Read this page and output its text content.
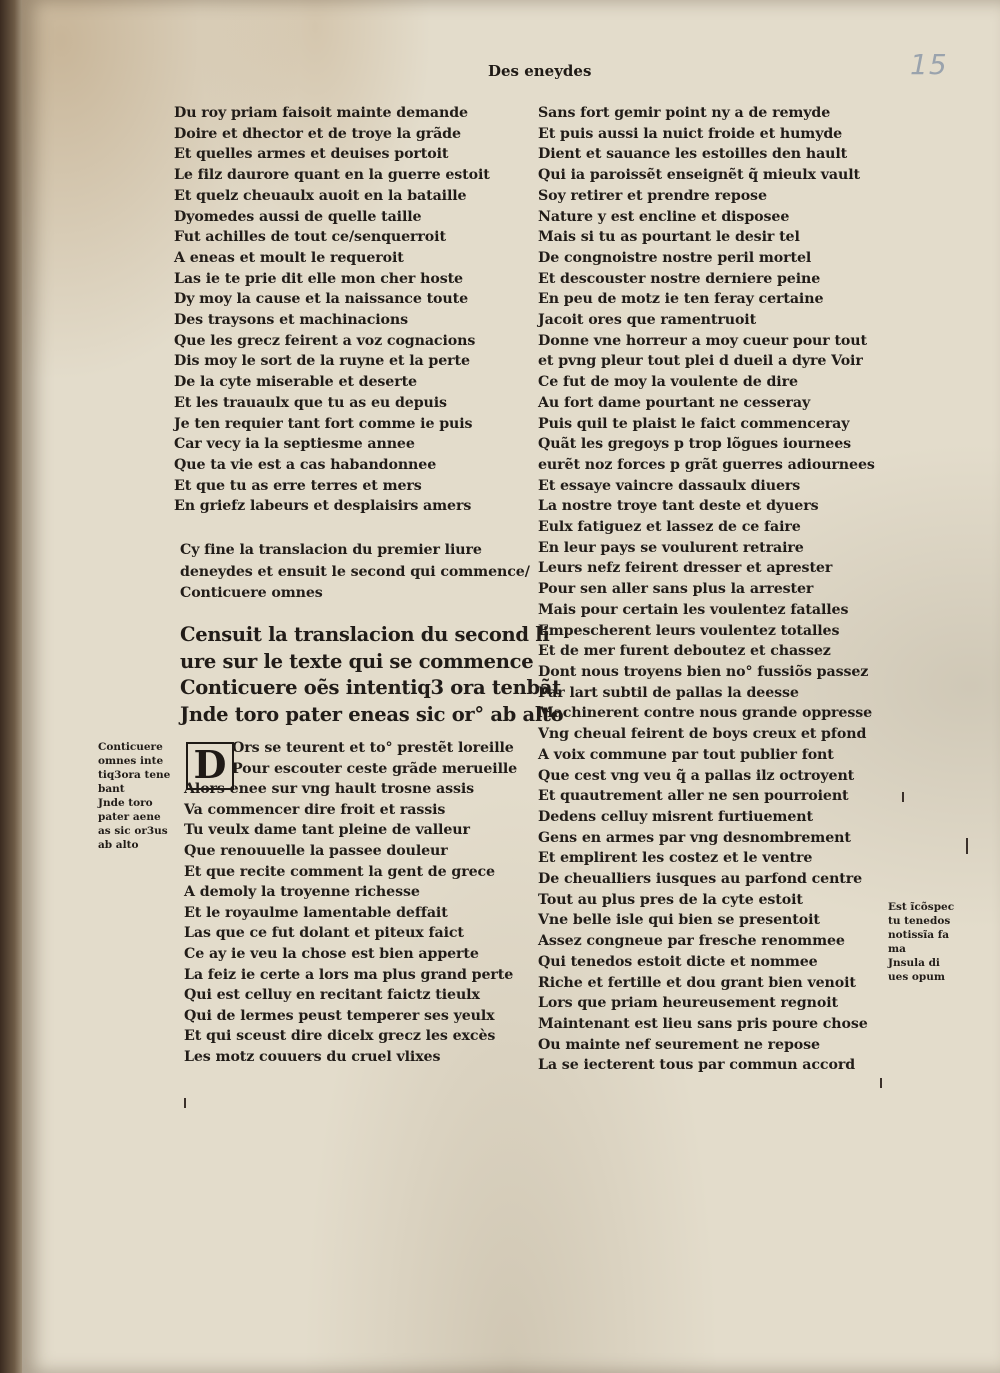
15
Des eneydes
Du roy priam faisoit mainte demande
Doire et dhector et de troye la grãde
Et quelles armes et deuises portoit
Le filz daurore quant en la guerre estoit
Et quelz cheuaulx auoit en la bataille
Dyomedes aussi de quelle taille
Fut achilles de tout ce/senquerroit
A eneas et moult le requeroit
Las ie te prie dit elle mon cher hoste
Dy moy la cause et la naissance toute
Des traysons et machinacions
Que les grecz feirent a voz cognacions
Dis moy le sort de la ruyne et la perte
De la cyte miserable et deserte
Et les trauaulx que tu as eu depuis
Je ten requier tant fort comme ie puis
Car vecy ia la septiesme annee
Que ta vie est a cas habandonnee
Et que tu as erre terres et mers
En griefz labeurs et desplaisirs amers
Cy fine la translacion du premier liure
deneydes et ensuit le second qui commence/
Conticuere omnes
Censuit la translacion du second li
ure sur le texte qui se commence
Conticuere oẽs intentiq3 ora tenbãt
Jnde toro pater eneas sic or° ab alto
D Ors se teurent et to° prestẽt loreille
Pour escouter ceste grãde merueille
Alors enee sur vng hault trosne assis
Va commencer dire froit et rassis
Tu veulx dame tant pleine de valleur
Que renouuelle la passee douleur
Et que recite comment la gent de grece
A demoly la troyenne richesse
Et le royaulme lamentable deffait
Las que ce fut dolant et piteux faict
Ce ay ie veu la chose est bien apperte
La feiz ie certe a lors ma plus grand perte
Qui est celluy en recitant faictz tieulx
Qui de lermes peust temperer ses yeulx
Et qui sceust dire dicelx grecz les excès
Les motz couuers du cruel vlixes
Sans fort gemir point ny a de remyde
Et puis aussi la nuict froide et humyde
Dient et sauance les estoilles den hault
Qui ia paroissẽt enseignẽt q̃ mieulx vault
Soy retirer et prendre repose
Nature y est encline et disposee
Mais si tu as pourtant le desir tel
De congnoistre nostre peril mortel
Et descouster nostre derniere peine
En peu de motz ie ten feray certaine
Jacoit ores que ramentruoit
Donne vne horreur a moy cueur pour tout
et pvng pleur tout plei d dueil a dyre Voir
Ce fut de moy la voulente de dire
Au fort dame pourtant ne cesseray
Puis quil te plaist le faict commenceray
Quãt les gregoys p trop lõgues iournees
eurẽt noz forces p grãt guerres adiournees
Et essaye vaincre dassaulx diuers
La nostre troye tant deste et dyuers
Eulx fatiguez et lassez de ce faire
En leur pays se voulurent retraire
Leurs nefz feirent dresser et aprester
Pour sen aller sans plus la arrester
Mais pour certain les voulentez fatalles
Empescherent leurs voulentez totalles
Et de mer furent deboutez et chassez
Dont nous troyens bien no° fussiõs passez
Par lart subtil de pallas la deesse
Machinerent contre nous grande oppresse
Vng cheual feirent de boys creux et pfond
A voix commune par tout publier font
Que cest vng veu q̃ a pallas ilz octroyent
Et quautrement aller ne sen pourroient
Dedens celluy misrent furtiuement
Gens en armes par vng desnombrement
Et emplirent les costez et le ventre
De cheualliers iusques au parfond centre
Tout au plus pres de la cyte estoit
Vne belle isle qui bien se presentoit
Assez congneue par fresche renommee
Qui tenedos estoit dicte et nommee
Riche et fertille et dou grant bien venoit
Lors que priam heureusement regnoit
Maintenant est lieu sans pris poure chose
Ou mainte nef seurement ne repose
La se iecterent tous par commun accord
Conticuere
omnes inte
tiq3ora tene
bant
Jnde toro
pater aene
as sic or3us
ab alto
Est ĩcõspec
tu tenedos
notissĩa fa
ma
Jnsula di
ues opum
